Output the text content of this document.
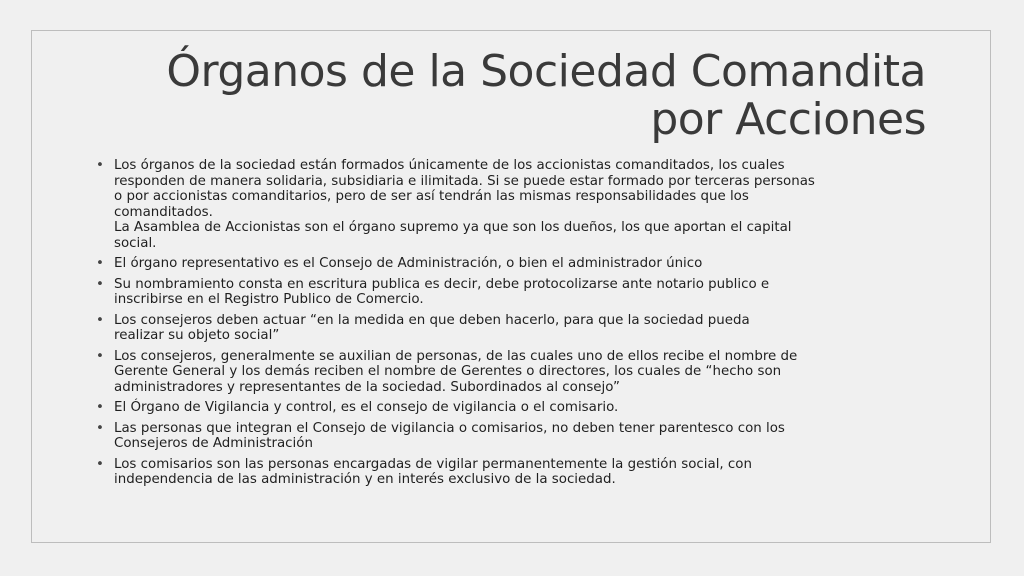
Órganos de la Sociedad Comandita
por Acciones
• Los órganos de la sociedad están formados únicamente de los accionistas comanditados, los cuales
responden de manera solidaria, subsidiaria e ilimitada. Si se puede estar formado por terceras personas
o por accionistas comanditarios, pero de ser así tendrán las mismas responsabilidades que los
comanditados.
La Asamblea de Accionistas son el órgano supremo ya que son los dueños, los que aportan el capital
social.
• El órgano representativo es el Consejo de Administración, o bien el administrador único
• Su nombramiento consta en escritura publica es decir, debe protocolizarse ante notario publico e
inscribirse en el Registro Publico de Comercio.
• Los consejeros deben actuar “en la medida en que deben hacerlo, para que la sociedad pueda
realizar su objeto social”
• Los consejeros, generalmente se auxilian de personas, de las cuales uno de ellos recibe el nombre de
Gerente General y los demás reciben el nombre de Gerentes o directores, los cuales de “hecho son
administradores y representantes de la sociedad. Subordinados al consejo”
• El Órgano de Vigilancia y control, es el consejo de vigilancia o el comisario.
• Las personas que integran el Consejo de vigilancia o comisarios, no deben tener parentesco con los
Consejeros de Administración
• Los comisarios son las personas encargadas de vigilar permanentemente la gestión social, con
independencia de las administración y en interés exclusivo de la sociedad.
